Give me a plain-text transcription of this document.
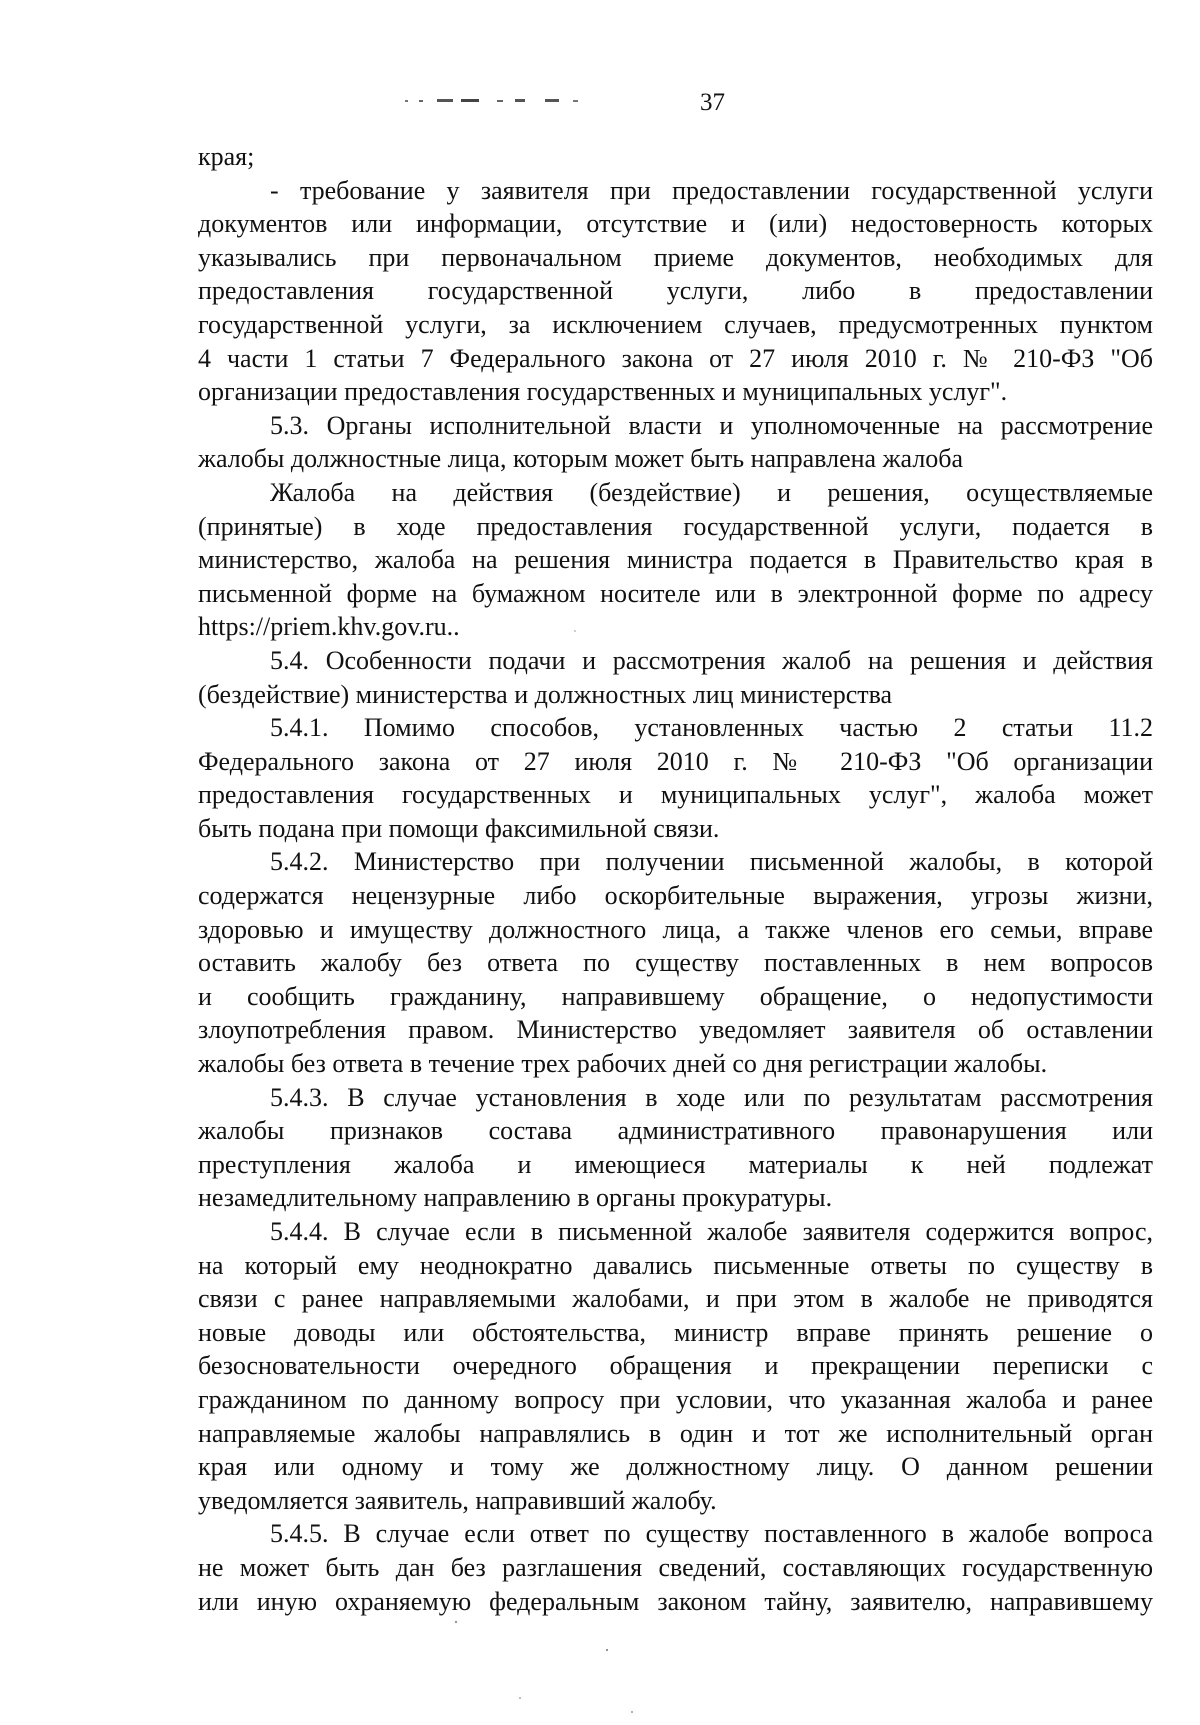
37
края;
- требование у заявителя при предоставлении государственной услуги
документов или информации, отсутствие и (или) недостоверность которых
указывались при первоначальном приеме документов, необходимых для
предоставления государственной услуги, либо в предоставлении
государственной услуги, за исключением случаев, предусмотренных пунктом
4 части 1 статьи 7 Федерального закона от 27 июля 2010 г. № 210-ФЗ "Об
организации предоставления государственных и муниципальных услуг".
5.3. Органы исполнительной власти и уполномоченные на рассмотрение
жалобы должностные лица, которым может быть направлена жалоба
Жалоба на действия (бездействие) и решения, осуществляемые
(принятые) в ходе предоставления государственной услуги, подается в
министерство, жалоба на решения министра подается в Правительство края в
письменной форме на бумажном носителе или в электронной форме по адресу
https://priem.khv.gov.ru..
5.4. Особенности подачи и рассмотрения жалоб на решения и действия
(бездействие) министерства и должностных лиц министерства
5.4.1. Помимо способов, установленных частью 2 статьи 11.2
Федерального закона от 27 июля 2010 г. № 210-ФЗ "Об организации
предоставления государственных и муниципальных услуг", жалоба может
быть подана при помощи факсимильной связи.
5.4.2. Министерство при получении письменной жалобы, в которой
содержатся нецензурные либо оскорбительные выражения, угрозы жизни,
здоровью и имуществу должностного лица, а также членов его семьи, вправе
оставить жалобу без ответа по существу поставленных в нем вопросов
и сообщить гражданину, направившему обращение, о недопустимости
злоупотребления правом. Министерство уведомляет заявителя об оставлении
жалобы без ответа в течение трех рабочих дней со дня регистрации жалобы.
5.4.3. В случае установления в ходе или по результатам рассмотрения
жалобы признаков состава административного правонарушения или
преступления жалоба и имеющиеся материалы к ней подлежат
незамедлительному направлению в органы прокуратуры.
5.4.4. В случае если в письменной жалобе заявителя содержится вопрос,
на который ему неоднократно давались письменные ответы по существу в
связи с ранее направляемыми жалобами, и при этом в жалобе не приводятся
новые доводы или обстоятельства, министр вправе принять решение о
безосновательности очередного обращения и прекращении переписки с
гражданином по данному вопросу при условии, что указанная жалоба и ранее
направляемые жалобы направлялись в один и тот же исполнительный орган
края или одному и тому же должностному лицу. О данном решении
уведомляется заявитель, направивший жалобу.
5.4.5. В случае если ответ по существу поставленного в жалобе вопроса
не может быть дан без разглашения сведений, составляющих государственную
или иную охраняемую федеральным законом тайну, заявителю, направившему
